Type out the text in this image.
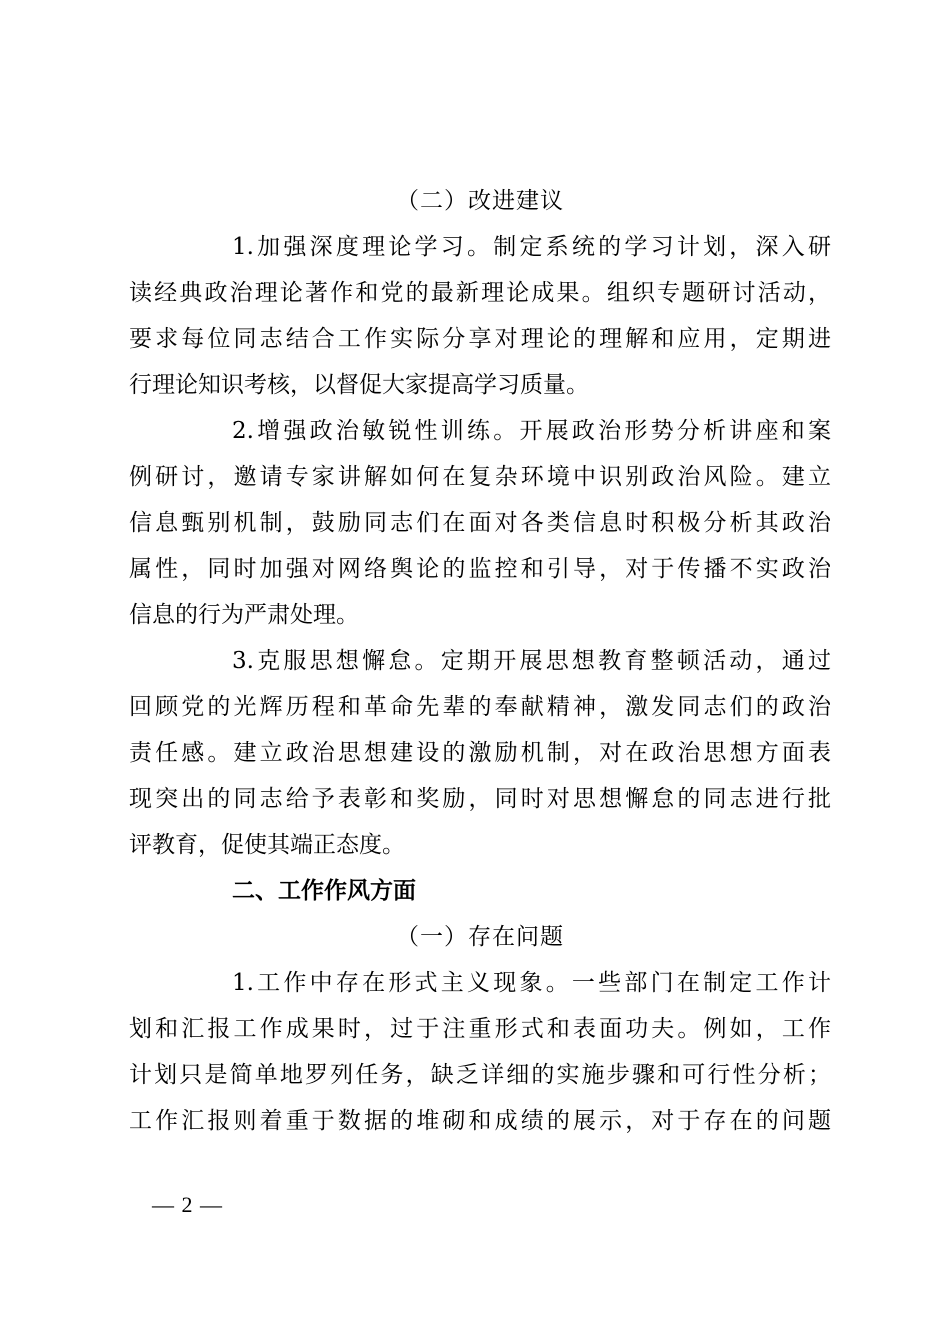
（二）改进建议
1.加强深度理论学习。制定系统的学习计划，深入研
读经典政治理论著作和党的最新理论成果。组织专题研讨活动，
要求每位同志结合工作实际分享对理论的理解和应用，定期进
行理论知识考核，以督促大家提高学习质量。
2.增强政治敏锐性训练。开展政治形势分析讲座和案
例研讨，邀请专家讲解如何在复杂环境中识别政治风险。建立
信息甄别机制，鼓励同志们在面对各类信息时积极分析其政治
属性，同时加强对网络舆论的监控和引导，对于传播不实政治
信息的行为严肃处理。
3.克服思想懈怠。定期开展思想教育整顿活动，通过
回顾党的光辉历程和革命先辈的奉献精神，激发同志们的政治
责任感。建立政治思想建设的激励机制，对在政治思想方面表
现突出的同志给予表彰和奖励，同时对思想懈怠的同志进行批
评教育，促使其端正态度。
二、工作作风方面
（一）存在问题
1.工作中存在形式主义现象。一些部门在制定工作计
划和汇报工作成果时，过于注重形式和表面功夫。例如，工作
计划只是简单地罗列任务，缺乏详细的实施步骤和可行性分析；
工作汇报则着重于数据的堆砌和成绩的展示，对于存在的问题
— 2 —
